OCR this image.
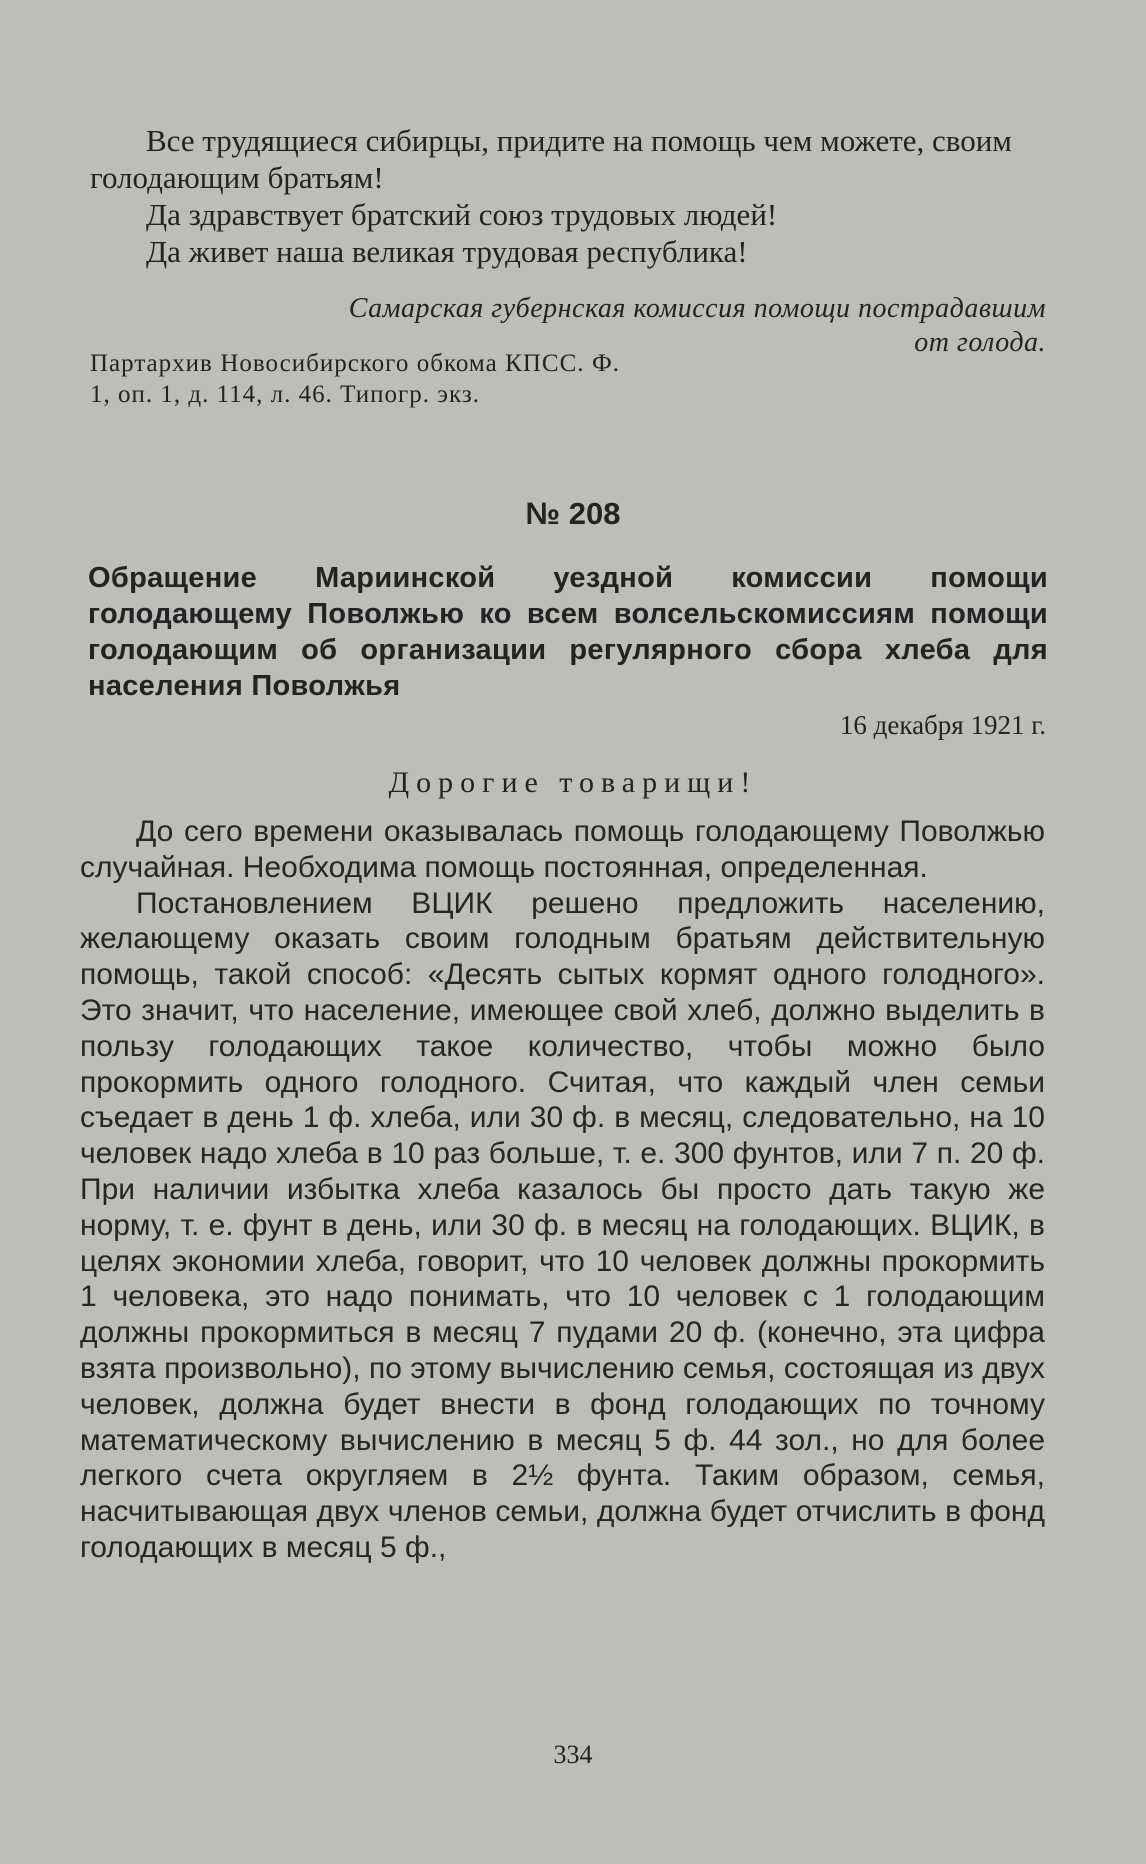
Все трудящиеся сибирцы, придите на помощь чем можете, своим голодающим братьям!

Да здравствует братский союз трудовых людей!

Да живет наша великая трудовая республика!

Самарская губернская комиссия помощи пострадавшим от голода.
Партархив Новосибирского обкома КПСС. Ф. 1, оп. 1, д. 114, л. 46. Типогр. экз.
№ 208
Обращение Мариинской уездной комиссии помощи голодающему Поволжью ко всем волсельскомиссиям помощи голодающим об организации регулярного сбора хлеба для населения Поволжья
16 декабря 1921 г.
Дорогие товарищи!

До сего времени оказывалась помощь голодающему Поволжью случайная. Необходима помощь постоянная, определенная.

Постановлением ВЦИК решено предложить населению, желающему оказать своим голодным братьям действительную помощь, такой способ: «Десять сытых кормят одного голодного». Это значит, что население, имеющее свой хлеб, должно выделить в пользу голодающих такое количество, чтобы можно было прокормить одного голодного. Считая, что каждый член семьи съедает в день 1 ф. хлеба, или 30 ф. в месяц, следовательно, на 10 человек надо хлеба в 10 раз больше, т. е. 300 фунтов, или 7 п. 20 ф. При наличии избытка хлеба казалось бы просто дать такую же норму, т. е. фунт в день, или 30 ф. в месяц на голодающих. ВЦИК, в целях экономии хлеба, говорит, что 10 человек должны прокормить 1 человека, это надо понимать, что 10 человек с 1 голодающим должны прокормиться в месяц 7 пудами 20 ф. (конечно, эта цифра взята произвольно), по этому вычислению семья, состоящая из двух человек, должна будет внести в фонд голодающих по точному математическому вычислению в месяц 5 ф. 44 зол., но для более легкого счета округляем в 2½ фунта. Таким образом, семья, насчитывающая двух членов семьи, должна будет отчислить в фонд голодающих в месяц 5 ф.,

334
